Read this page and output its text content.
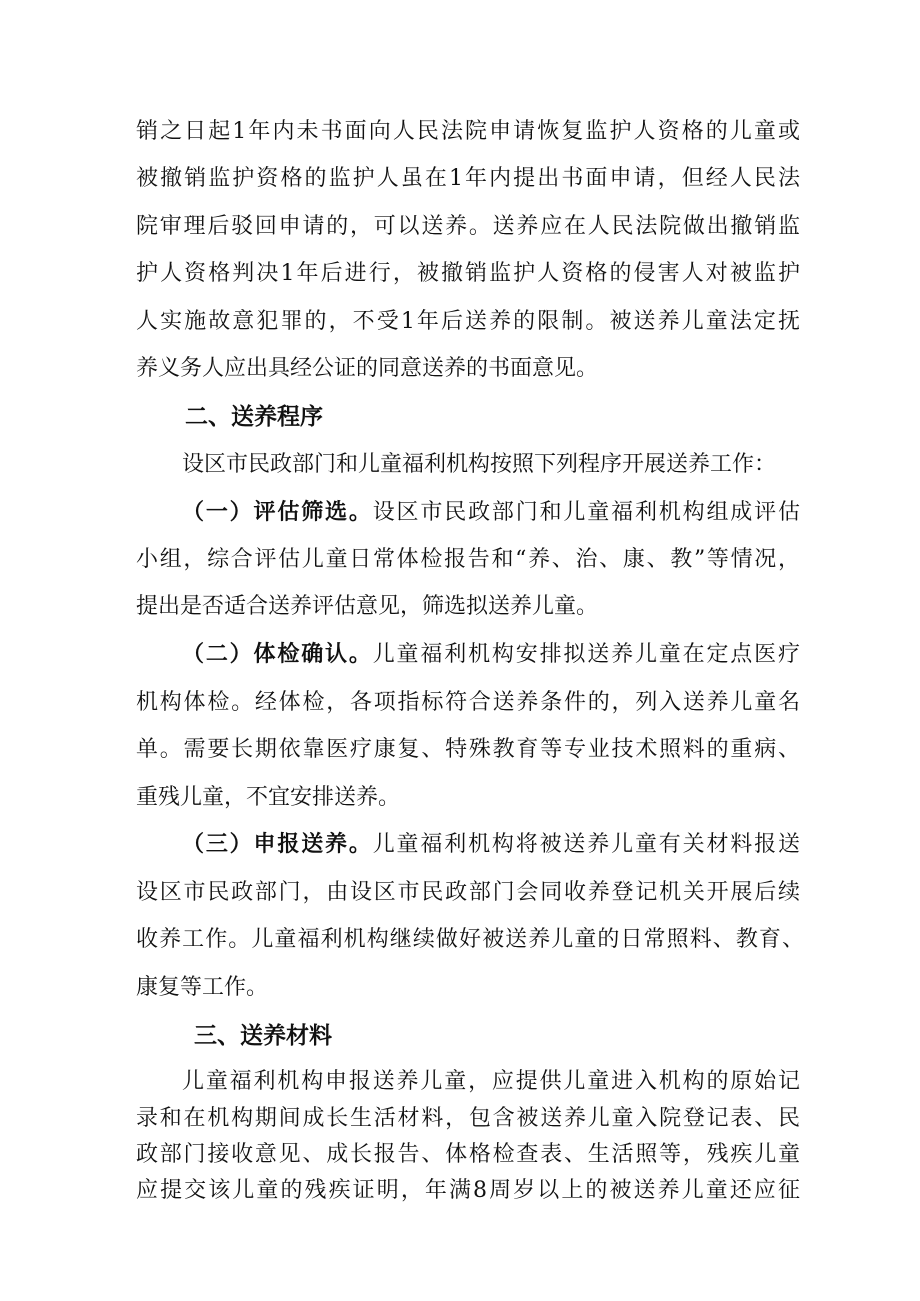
销之日起1年内未书面向人民法院申请恢复监护人资格的儿童或
被撤销监护资格的监护人虽在1年内提出书面申请，但经人民法
院审理后驳回申请的，可以送养。送养应在人民法院做出撤销监
护人资格判决1年后进行，被撤销监护人资格的侵害人对被监护
人实施故意犯罪的，不受1年后送养的限制。被送养儿童法定抚
养义务人应出具经公证的同意送养的书面意见。
二、送养程序
设区市民政部门和儿童福利机构按照下列程序开展送养工作：
（一）评估筛选。设区市民政部门和儿童福利机构组成评估
小组，综合评估儿童日常体检报告和“养、治、康、教”等情况，
提出是否适合送养评估意见，筛选拟送养儿童。
（二）体检确认。儿童福利机构安排拟送养儿童在定点医疗
机构体检。经体检，各项指标符合送养条件的，列入送养儿童名
单。需要长期依靠医疗康复、特殊教育等专业技术照料的重病、
重残儿童，不宜安排送养。
（三）申报送养。儿童福利机构将被送养儿童有关材料报送
设区市民政部门，由设区市民政部门会同收养登记机关开展后续
收养工作。儿童福利机构继续做好被送养儿童的日常照料、教育、
康复等工作。
三、送养材料
儿童福利机构申报送养儿童，应提供儿童进入机构的原始记
录和在机构期间成长生活材料，包含被送养儿童入院登记表、民
政部门接收意见、成长报告、体格检查表、生活照等，残疾儿童
应提交该儿童的残疾证明，年满8周岁以上的被送养儿童还应征
